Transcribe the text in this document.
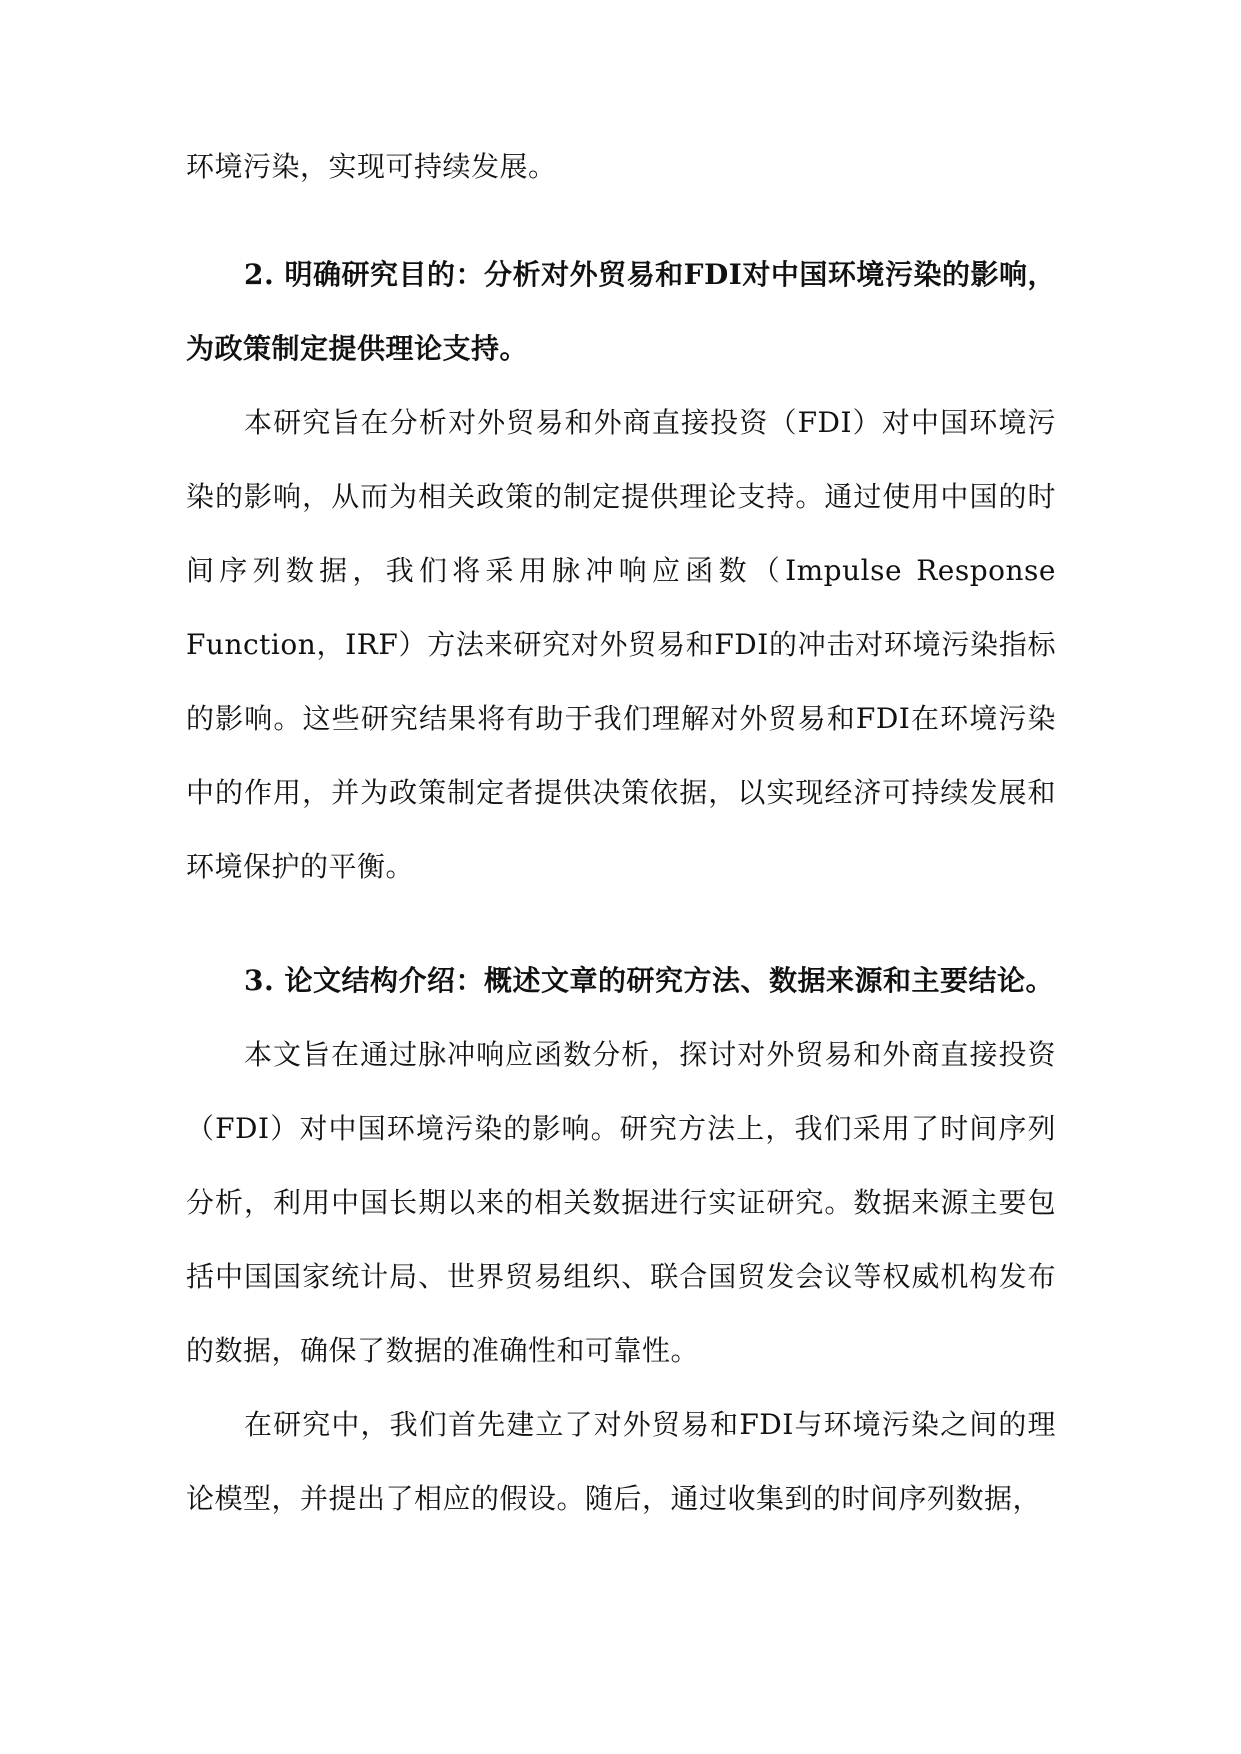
环境污染，实现可持续发展。

2. 明确研究目的：分析对外贸易和FDI对中国环境污染的影响，为政策制定提供理论支持。

本研究旨在分析对外贸易和外商直接投资（FDI）对中国环境污染的影响，从而为相关政策的制定提供理论支持。通过使用中国的时间序列数据，我们将采用脉冲响应函数（Impulse Response Function，IRF）方法来研究对外贸易和FDI的冲击对环境污染指标的影响。这些研究结果将有助于我们理解对外贸易和FDI在环境污染中的作用，并为政策制定者提供决策依据，以实现经济可持续发展和环境保护的平衡。

3. 论文结构介绍：概述文章的研究方法、数据来源和主要结论。

本文旨在通过脉冲响应函数分析，探讨对外贸易和外商直接投资（FDI）对中国环境污染的影响。研究方法上，我们采用了时间序列分析，利用中国长期以来的相关数据进行实证研究。数据来源主要包括中国国家统计局、世界贸易组织、联合国贸发会议等权威机构发布的数据，确保了数据的准确性和可靠性。

在研究中，我们首先建立了对外贸易和FDI与环境污染之间的理论模型，并提出了相应的假设。随后，通过收集到的时间序列数据，
